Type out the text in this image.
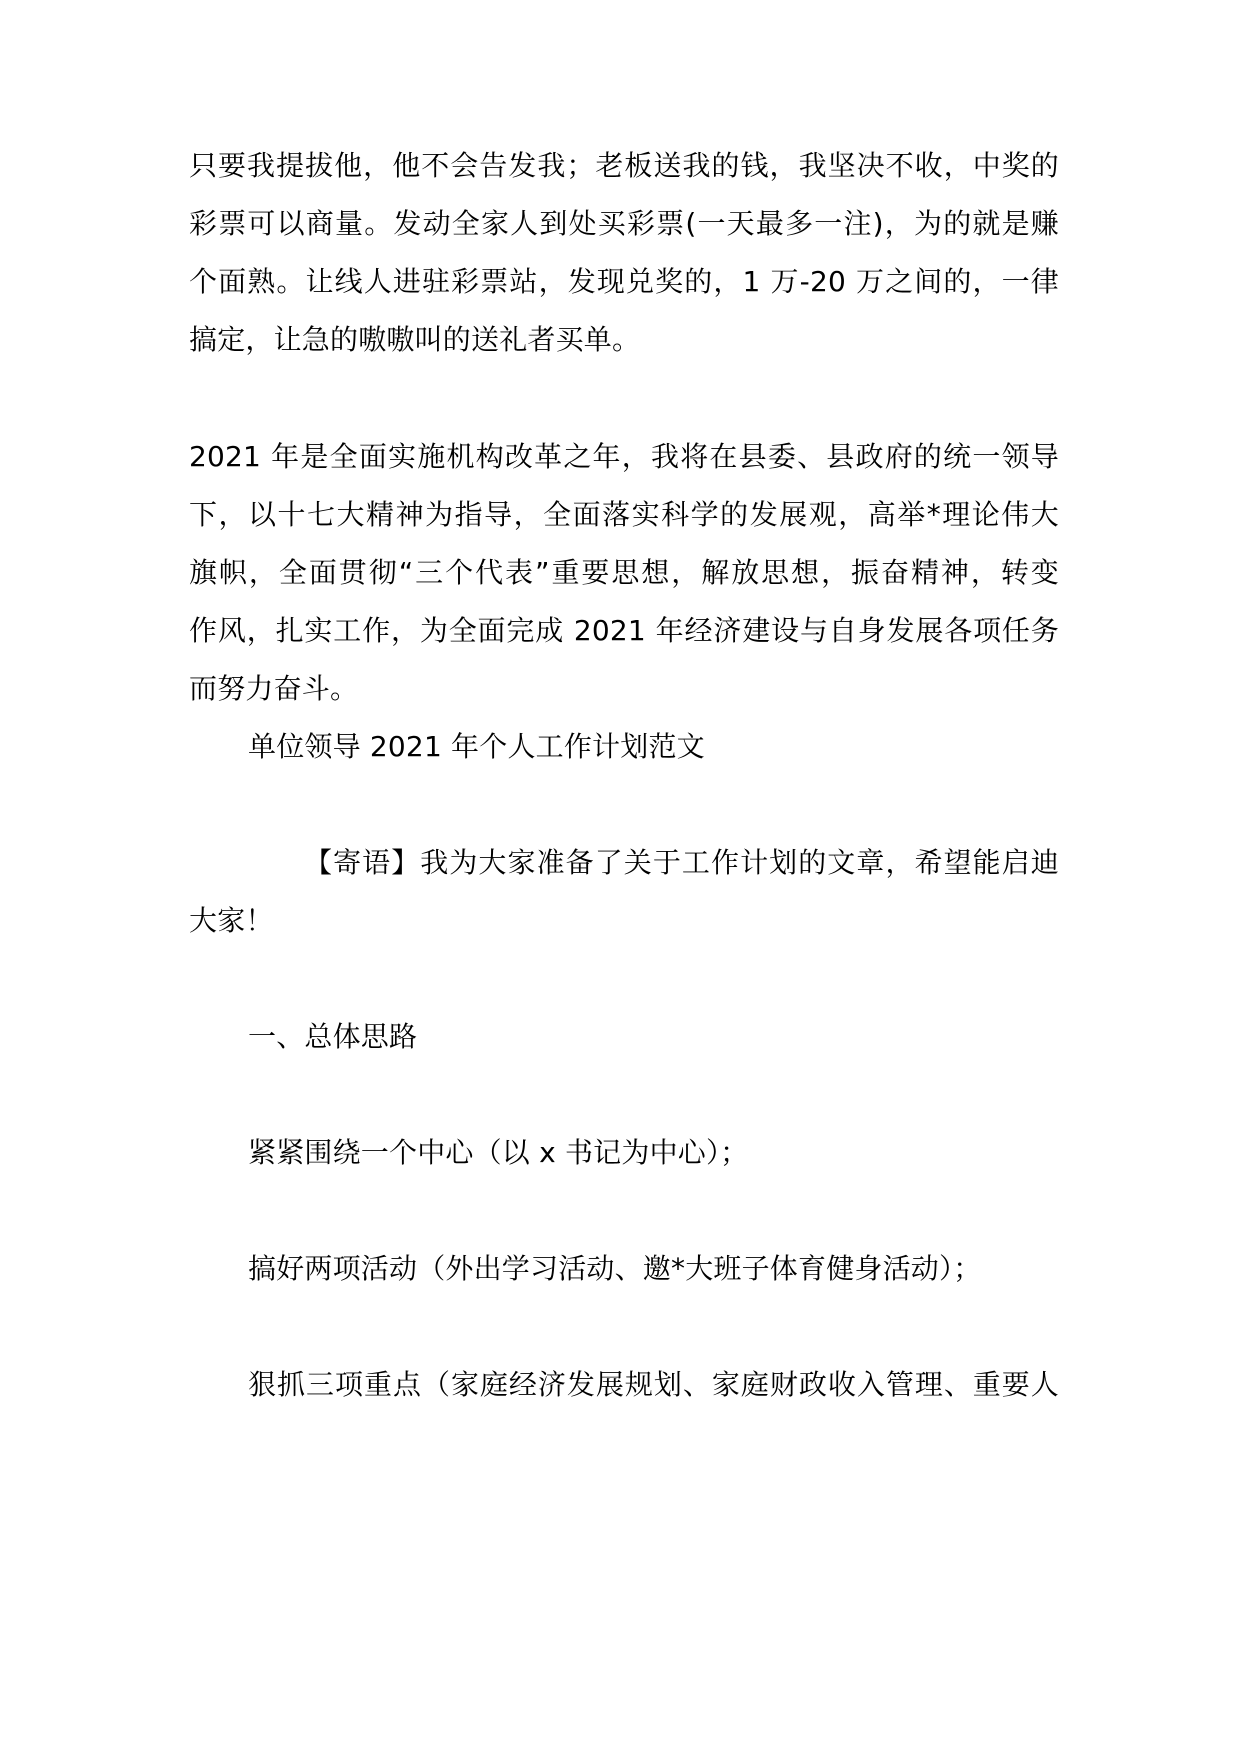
只要我提拔他，他不会告发我；老板送我的钱，我坚决不收，中奖的
彩票可以商量。发动全家人到处买彩票(一天最多一注)，为的就是赚
个面熟。让线人进驻彩票站，发现兑奖的，1 万-20 万之间的，一律
搞定，让急的嗷嗷叫的送礼者买单。
2021 年是全面实施机构改革之年，我将在县委、县政府的统一领导
下，以十七大精神为指导，全面落实科学的发展观，高举*理论伟大
旗帜，全面贯彻“三个代表”重要思想，解放思想，振奋精神，转变
作风，扎实工作，为全面完成 2021 年经济建设与自身发展各项任务
而努力奋斗。
单位领导 2021 年个人工作计划范文
【寄语】我为大家准备了关于工作计划的文章，希望能启迪
大家！
一、总体思路
紧紧围绕一个中心（以 x 书记为中心）；
搞好两项活动（外出学习活动、邀*大班子体育健身活动）；
狠抓三项重点（家庭经济发展规划、家庭财政收入管理、重要人
